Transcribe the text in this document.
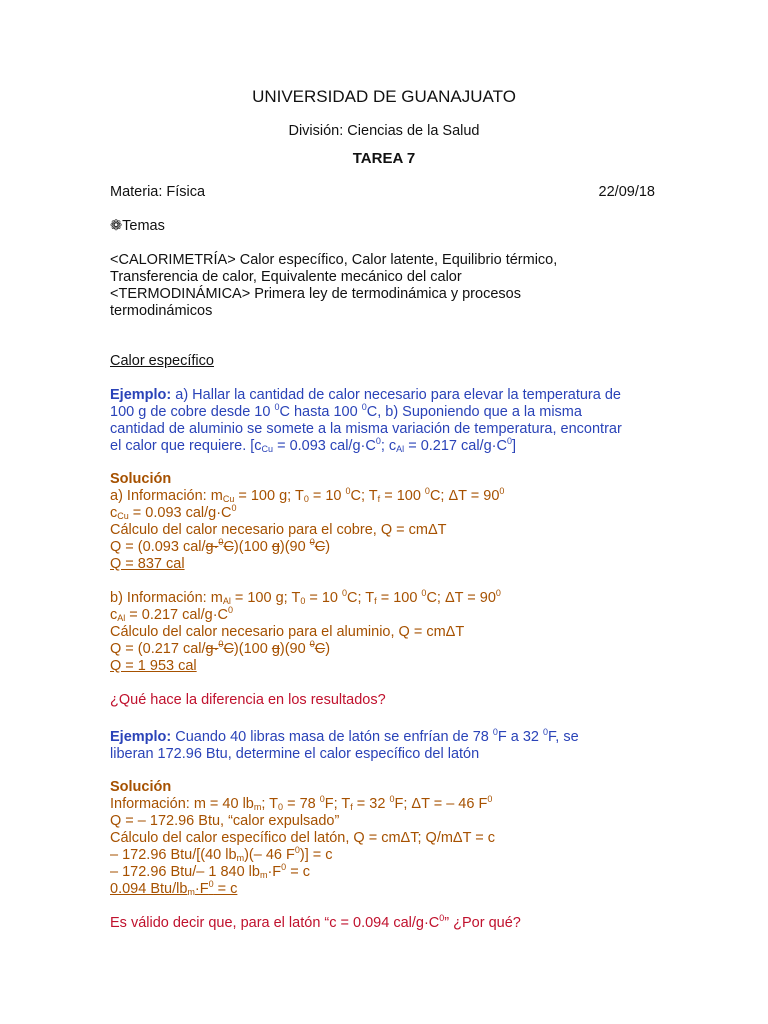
UNIVERSIDAD DE GUANAJUATO
División: Ciencias de la Salud
TAREA 7
Materia: Física	22/09/18
❁Temas
<CALORIMETRÍA> Calor específico, Calor latente, Equilibrio térmico,
Transferencia de calor, Equivalente mecánico del calor
<TERMODINÁMICA> Primera ley de termodinámica y procesos
termodinámicos
Calor específico
Ejemplo: a) Hallar la cantidad de calor necesario para elevar la temperatura de
100 g de cobre desde 10 $^0$C hasta 100 $^0$C, b) Suponiendo que a la misma
cantidad de aluminio se somete a la misma variación de temperatura, encontrar
el calor que requiere. [$c_{Cu} = 0.093$ cal/$g\cdot C^0$; $c_{Al} = 0.217$ cal/$g\cdot C^0$]
Solución
a) Información: $m_{Cu} = 100$ g; $T_0 = 10$ $^0$C; $T_f = 100$ $^0$C; $\Delta T = 90^0$
$c_{Cu} = 0.093$ cal/$g\cdot C^0$
Cálculo del calor necesario para el cobre, Q = cmΔT
Q = (0.093 cal/g·$^0$C)(100 g)(90 $^0$C)
Q = 837 cal
b) Información: $m_{Al} = 100$ g; $T_0 = 10$ $^0$C; $T_f = 100$ $^0$C; $\Delta T = 90^0$
$c_{Al} = 0.217$ cal/$g\cdot C^0$
Cálculo del calor necesario para el aluminio, Q = cmΔT
Q = (0.217 cal/g·$^0$C)(100 g)(90 $^0$C)
Q = 1 953 cal
¿Qué hace la diferencia en los resultados?
Ejemplo: Cuando 40 libras masa de latón se enfrían de 78 $^0$F a 32 $^0$F, se
liberan 172.96 Btu, determine el calor específico del latón
Solución
Información: m = 40 $lb_m$; $T_0 = 78$ $^0$F; $T_f = 32$ $^0$F; ΔT = – 46 $F^0$
Q = – 172.96 Btu, “calor expulsado”
Cálculo del calor específico del latón, Q = cmΔT; Q/mΔT = c
– 172.96 Btu/[(40 $lb_m)(-$ 46 $F^0)] = c$
– 172.96 Btu/– 1 840 $lb_m\cdot F^0 = c$
0.094 Btu/$lb_m\cdot F^0 = c$
Es válido decir que, para el latón “c = 0.094 cal/$g\cdot C^0$” ¿Por qué?
